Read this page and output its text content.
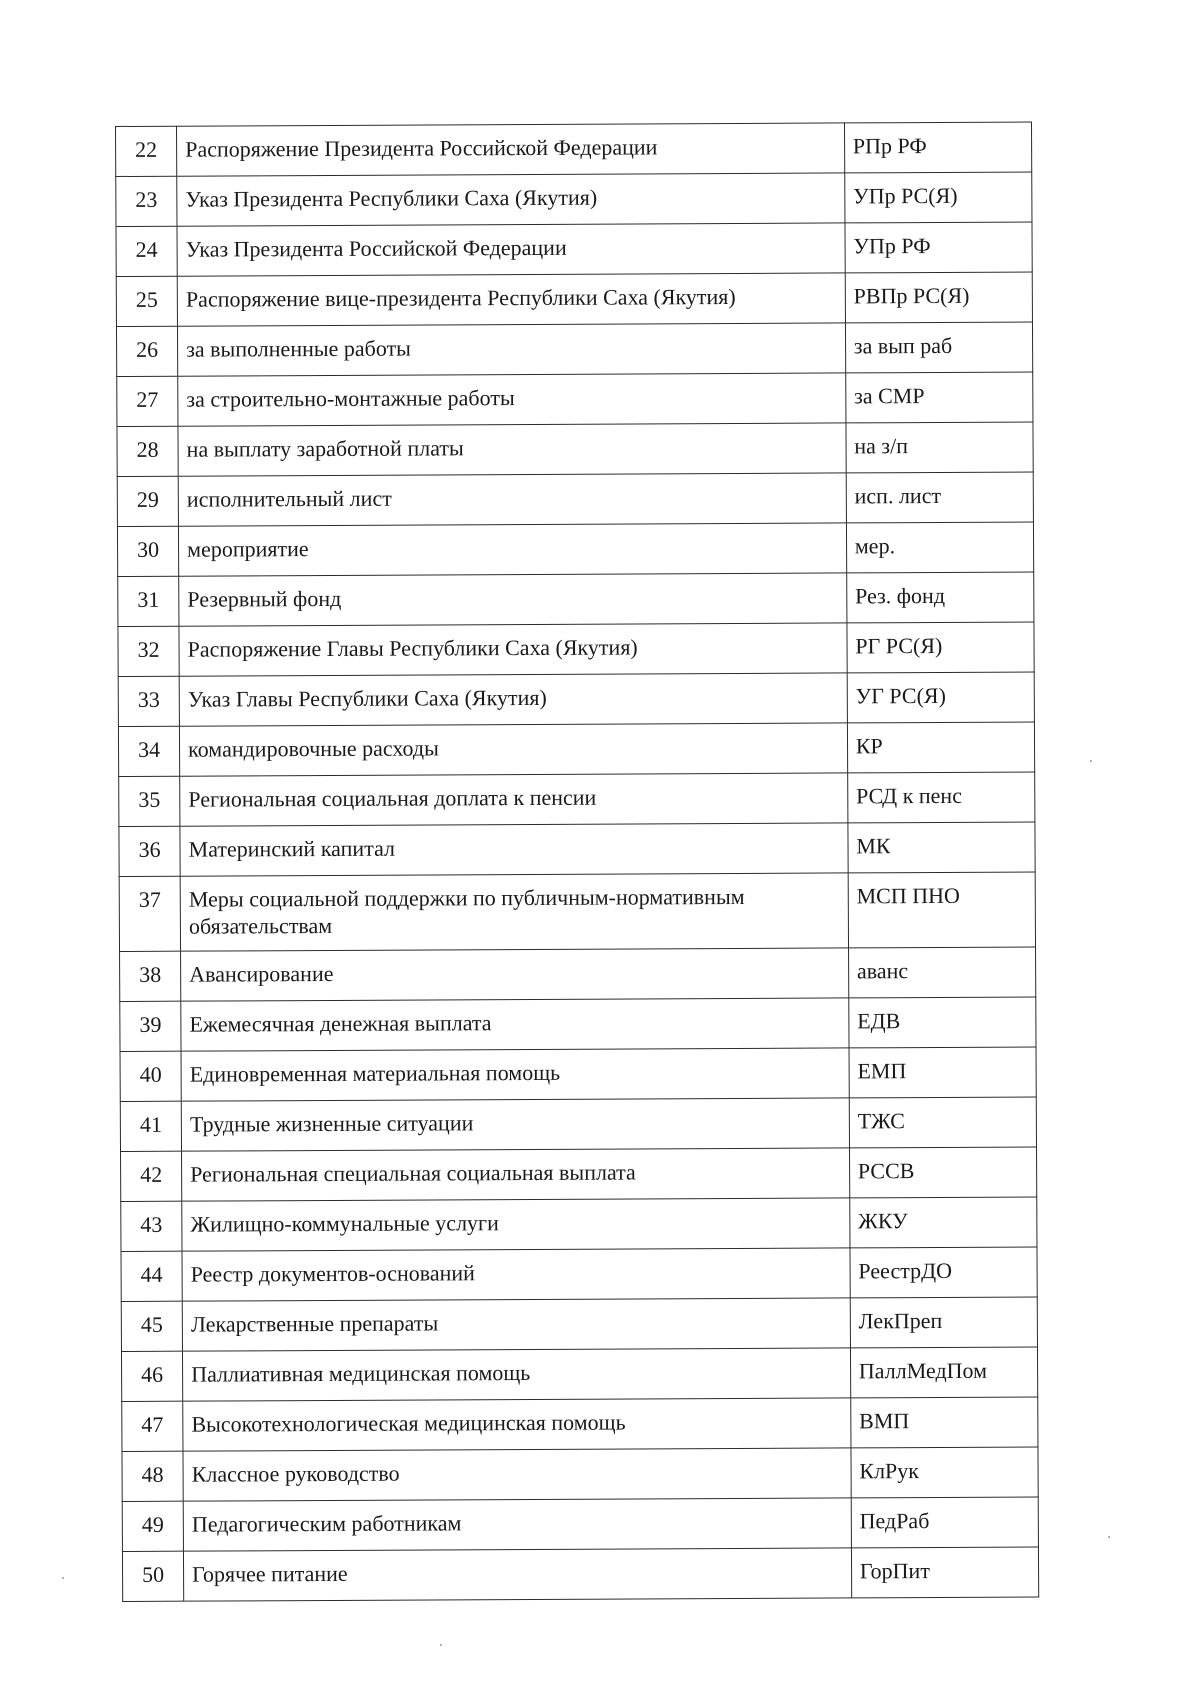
22	Распоряжение Президента Российской Федерации	РПр РФ
23	Указ Президента Республики Саха (Якутия)	УПр РС(Я)
24	Указ Президента Российской Федерации	УПр РФ
25	Распоряжение вице-президента Республики Саха (Якутия)	РВПр РС(Я)
26	за выполненные работы	за вып раб
27	за строительно-монтажные работы	за СМР
28	на выплату заработной платы	на з/п
29	исполнительный лист	исп. лист
30	мероприятие	мер.
31	Резервный фонд	Рез. фонд
32	Распоряжение Главы Республики Саха (Якутия)	РГ РС(Я)
33	Указ Главы Республики Саха (Якутия)	УГ РС(Я)
34	командировочные расходы	КР
35	Региональная социальная доплата к пенсии	РСД к пенс
36	Материнский капитал	МК
37	Меры социальной поддержки по публичным-нормативным обязательствам	МСП ПНО
38	Авансирование	аванс
39	Ежемесячная денежная выплата	ЕДВ
40	Единовременная материальная помощь	ЕМП
41	Трудные жизненные ситуации	ТЖС
42	Региональная специальная социальная выплата	РССВ
43	Жилищно-коммунальные услуги	ЖКУ
44	Реестр документов-оснований	РеестрДО
45	Лекарственные препараты	ЛекПреп
46	Паллиативная медицинская помощь	ПаллМедПом
47	Высокотехнологическая медицинская помощь	ВМП
48	Классное руководство	КлРук
49	Педагогическим работникам	ПедРаб
50	Горячее питание	ГорПит
